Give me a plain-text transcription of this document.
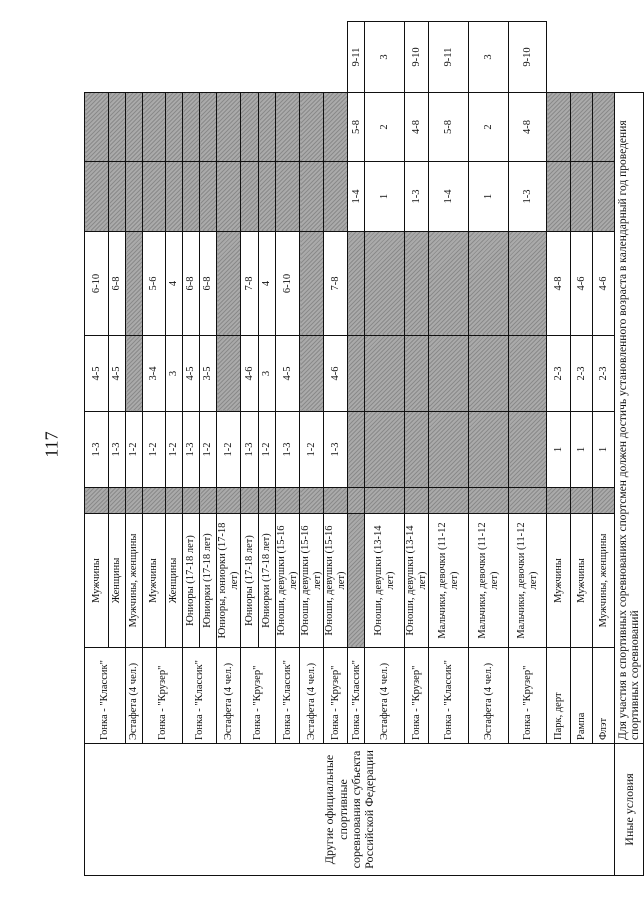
117
Другие официальные спортивные соревнования субъекта Российской Федерации	Гонка - "Классик"	Мужчины		1-3	4-5	6-10			
		Женщины		1-3	4-5	6-8			
	Эстафета (4 чел.)	Мужчины, женщины		1-2					
	Гонка - "Крузер"	Мужчины		1-2	3-4	5-6			
		Женщины		1-2	3	4			
	Гонка - "Классик"	Юниоры (17-18 лет)		1-3	4-5	6-8			
		Юниорки (17-18 лет)		1-2	3-5	6-8			
	Эстафета (4 чел.)	Юниоры, юниорки (17-18 лет)		1-2					
	Гонка - "Крузер"	Юниоры (17-18 лет)		1-3	4-6	7-8			
		Юниорки (17-18 лет)		1-2	3	4			
	Гонка - "Классик"	Юноши, девушки (15-16 лет)		1-3	4-5	6-10			
	Эстафета (4 чел.)	Юноши, девушки (15-16 лет)		1-2					
	Гонка - "Крузер"	Юноши, девушки (15-16 лет)		1-3	4-6	7-8			
	Гонка - "Классик"						1-4	5-8	9-11
	Эстафета (4 чел.)	Юноши, девушки (13-14 лет)					1	2	3
	Гонка - "Крузер"	Юноши, девушки (13-14 лет)					1-3	4-8	9-10
	Гонка - "Классик"	Мальчики, девочки (11-12 лет)					1-4	5-8	9-11
	Эстафета (4 чел.)	Мальчики, девочки (11-12 лет)					1	2	3
	Гонка - "Крузер"	Мальчики, девочки (11-12 лет)					1-3	4-8	9-10
	Парк, дерт	Мужчины		1	2-3	4-8			
	Рампа	Мужчины		1	2-3	4-6			
	Флэт	Мужчины, женщины		1	2-3	4-6			
Иные условия	Для участия в спортивных соревнованиях спортсмен должен достичь установленного возраста в календарный год проведения спортивных соревнований								
